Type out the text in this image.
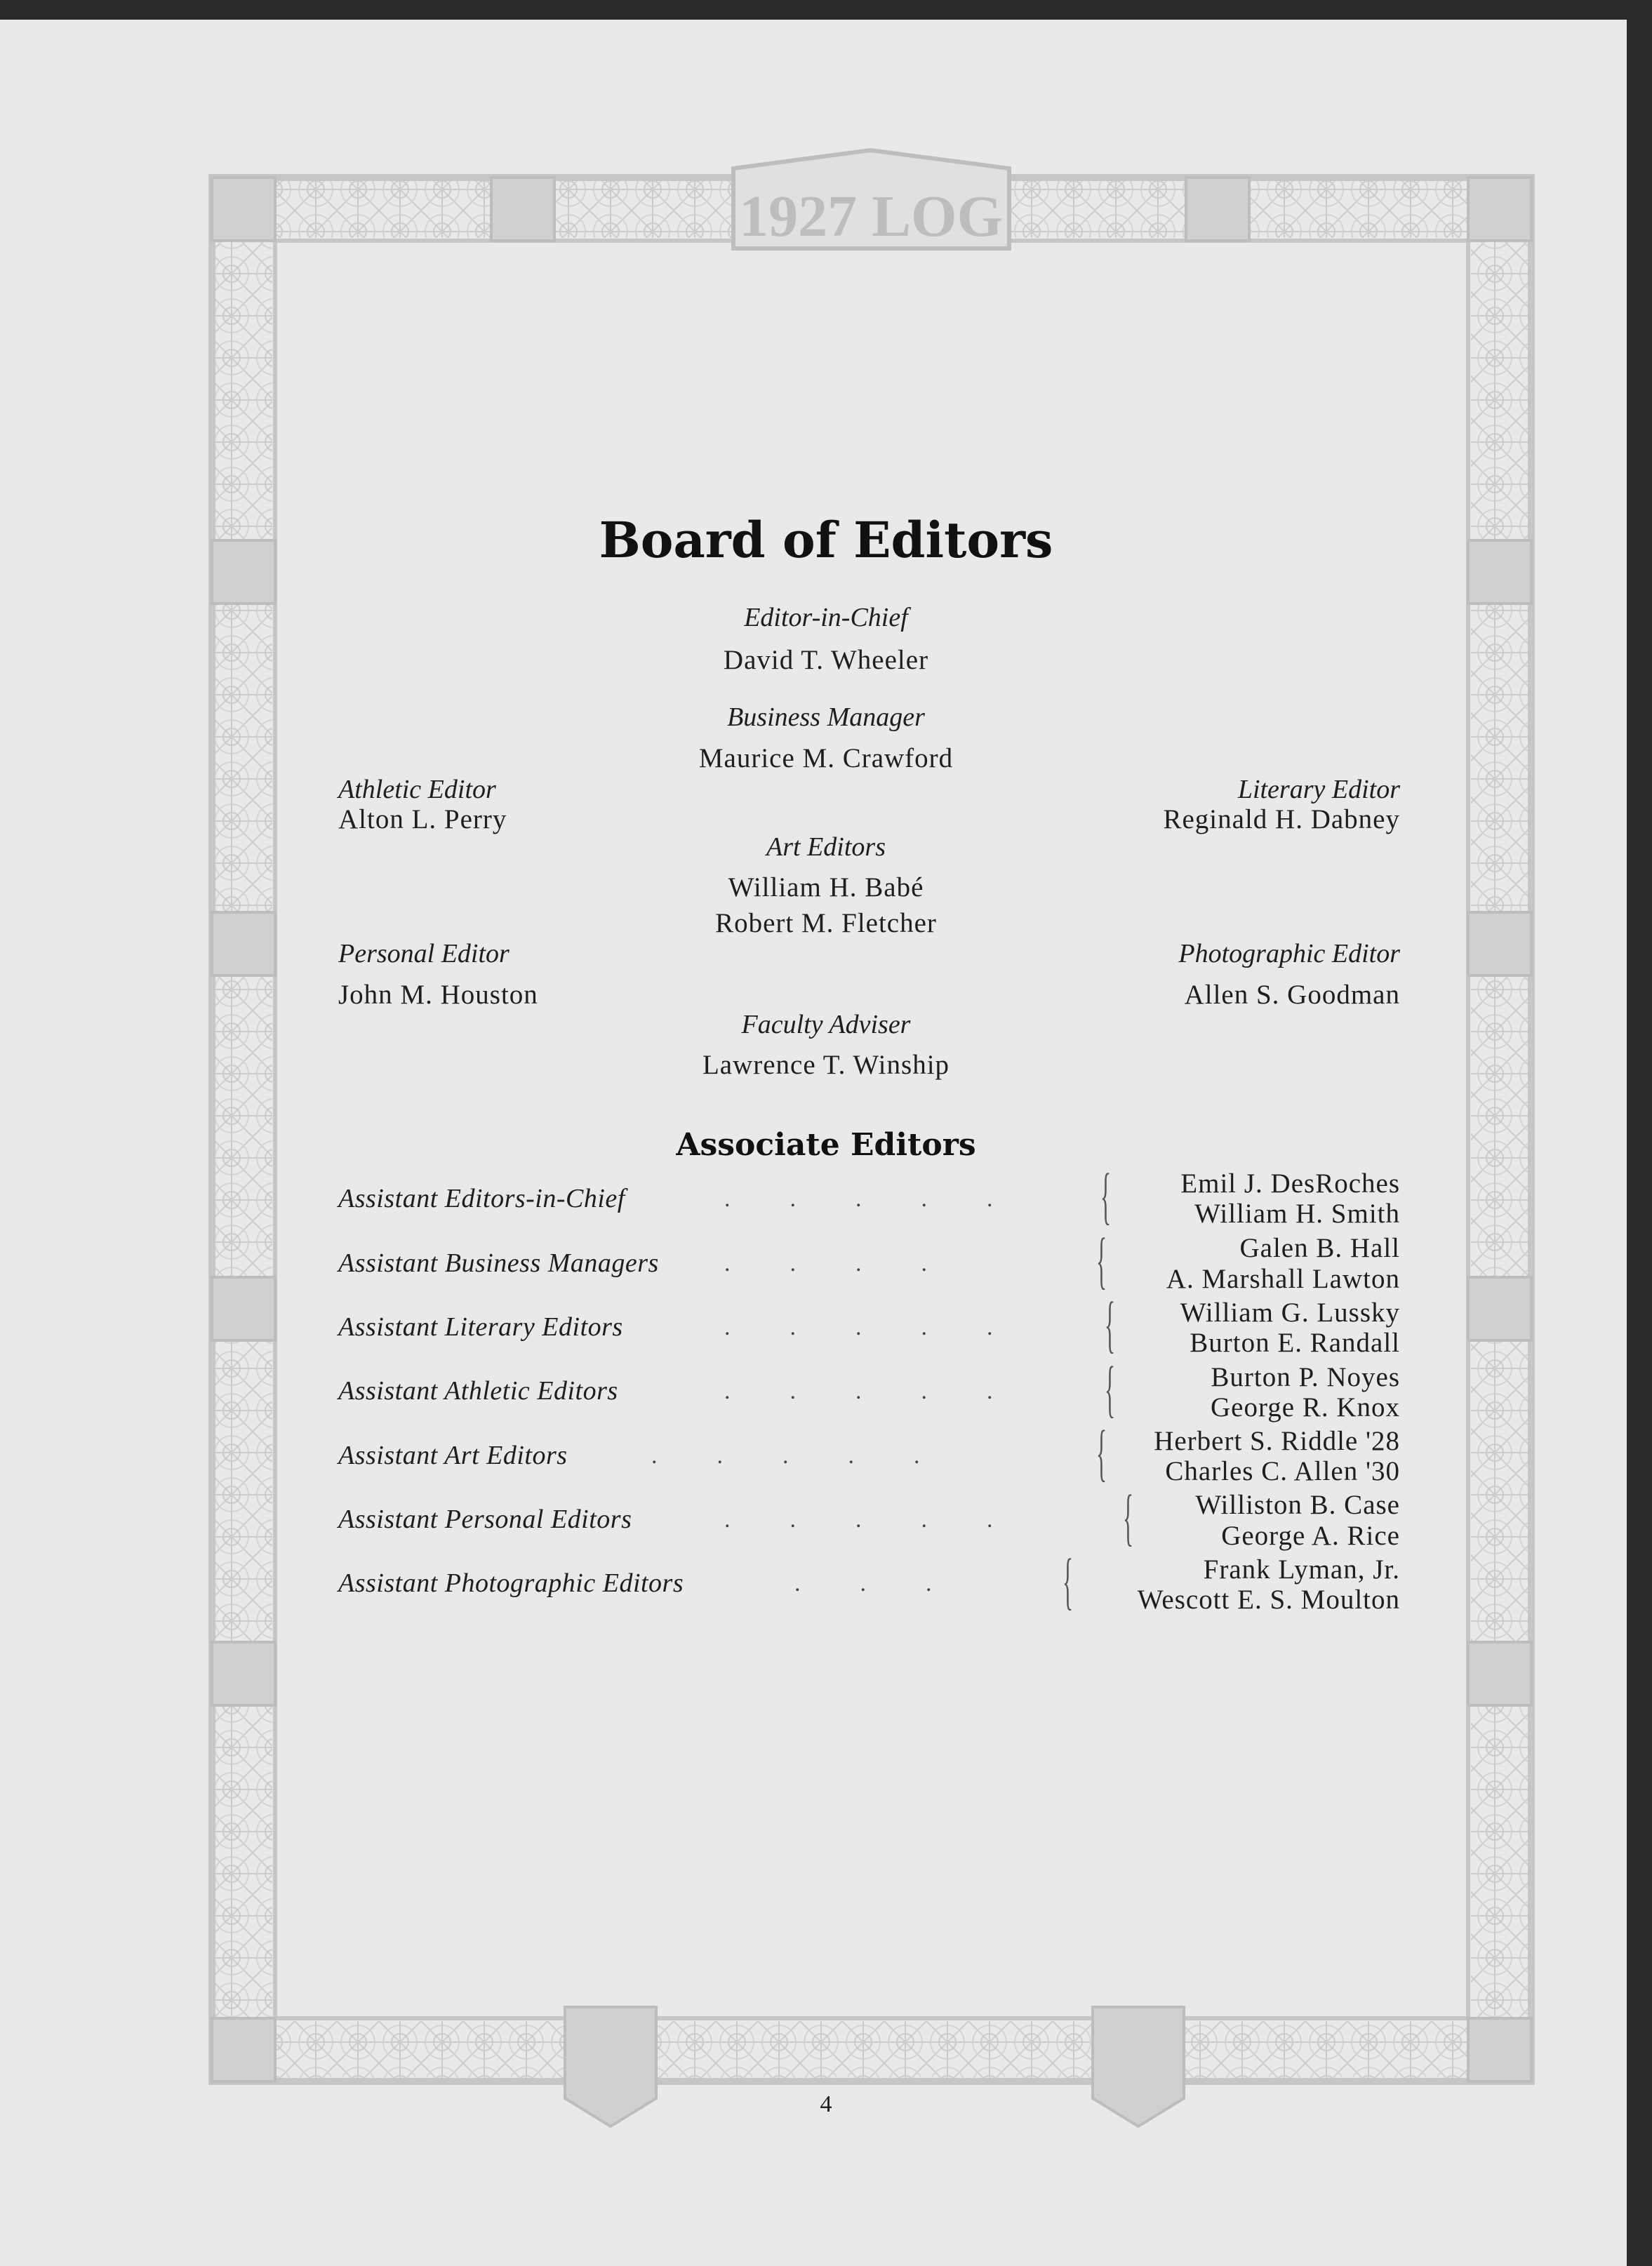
1927 LOG
Board of Editors
Editor-in-Chief
David T. Wheeler
Business Manager
Maurice M. Crawford
Athletic Editor
Alton L. Perry
Literary Editor
Reginald H. Dabney
Art Editors
William H. Babé
Robert M. Fletcher
Personal Editor
John M. Houston
Photographic Editor
Allen S. Goodman
Faculty Adviser
Lawrence T. Winship
Associate Editors
Assistant Editors-in-Chief	.          .          .          .          . {	Emil J. DesRoches
William H. Smith
Assistant Business Managers	.          .          .          .	{	Galen B. Hall
A. Marshall Lawton
Assistant Literary Editors	.          .          .          .          . { William G. Lussky
Burton E. Randall
Assistant Athletic Editors	.          .          .          .          . {	Burton P. Noyes
George R. Knox
Assistant Art Editors	.          .          .          .          .	{ Herbert S. Riddle '28
Charles C. Allen '30
Assistant Personal Editors	.          .          .          .          . { Williston B. Case
George A. Rice
Assistant Photographic Editors	.          .          . {	Frank Lyman, Jr.
Wescott E. S. Moulton
4
